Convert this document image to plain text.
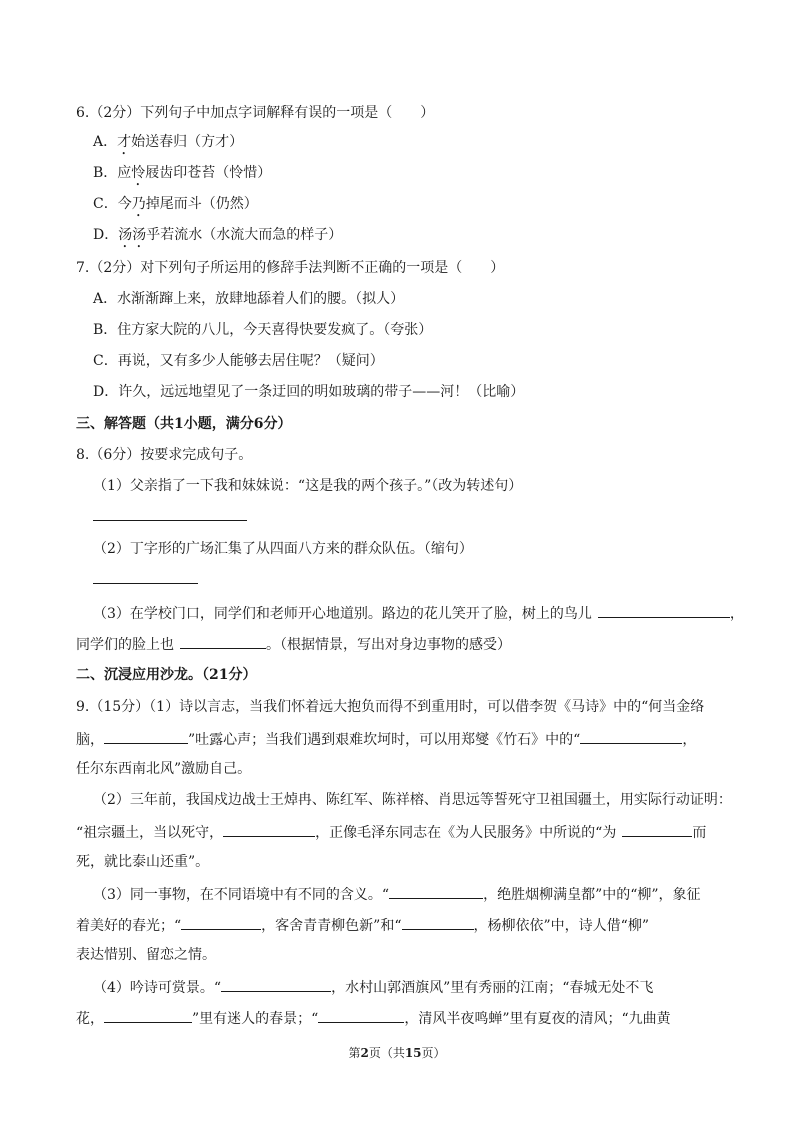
6.（2分）下列句子中加点字词解释有误的一项是（　　）
A．才始送春归（方才）
B．应怜屐齿印苍苔（怜惜）
C．今乃掉尾而斗（仍然）
D．汤汤乎若流水（水流大而急的样子）
7.（2分）对下列句子所运用的修辞手法判断不正确的一项是（　　）
A．水渐渐蹿上来，放肆地舔着人们的腰。（拟人）
B．住方家大院的八儿，今天喜得快要发疯了。（夸张）
C．再说，又有多少人能够去居住呢？（疑问）
D．许久，远远地望见了一条迂回的明如玻璃的带子——河！（比喻）
三、解答题（共1小题，满分6分）
8.（6分）按要求完成句子。
（1）父亲指了一下我和妹妹说：“这是我的两个孩子。”（改为转述句）
（2）丁字形的广场汇集了从四面八方来的群众队伍。（缩句）
（3）在学校门口，同学们和老师开心地道别。路边的花儿笑开了脸，树上的鸟儿	，
同学们的脸上也	。（根据情景，写出对身边事物的感受）
二、沉浸应用沙龙。（21分）
9.（15分）（1）诗以言志，当我们怀着远大抱负而得不到重用时，可以借李贺《马诗》中的“何当金络
脑，	”吐露心声；当我们遇到艰难坎坷时，可以用郑燮《竹石》中的“	，
任尔东西南北风”激励自己。
（2）三年前，我国戍边战士王焯冉、陈红军、陈祥榕、肖思远等誓死守卫祖国疆土，用实际行动证明：
“祖宗疆土，当以死守，	，正像毛泽东同志在《为人民服务》中所说的“为	而
死，就比泰山还重”。
（3）同一事物，在不同语境中有不同的含义。“	，绝胜烟柳满皇都”中的“柳”，象征
着美好的春光；“	，客舍青青柳色新”和“	，杨柳依依”中，诗人借“柳”
表达惜别、留恋之情。
（4）吟诗可赏景。“	，水村山郭酒旗风”里有秀丽的江南；“春城无处不飞
花，	”里有迷人的春景；“	，清风半夜鸣蝉”里有夏夜的清风；“九曲黄
第2页（共15页）
